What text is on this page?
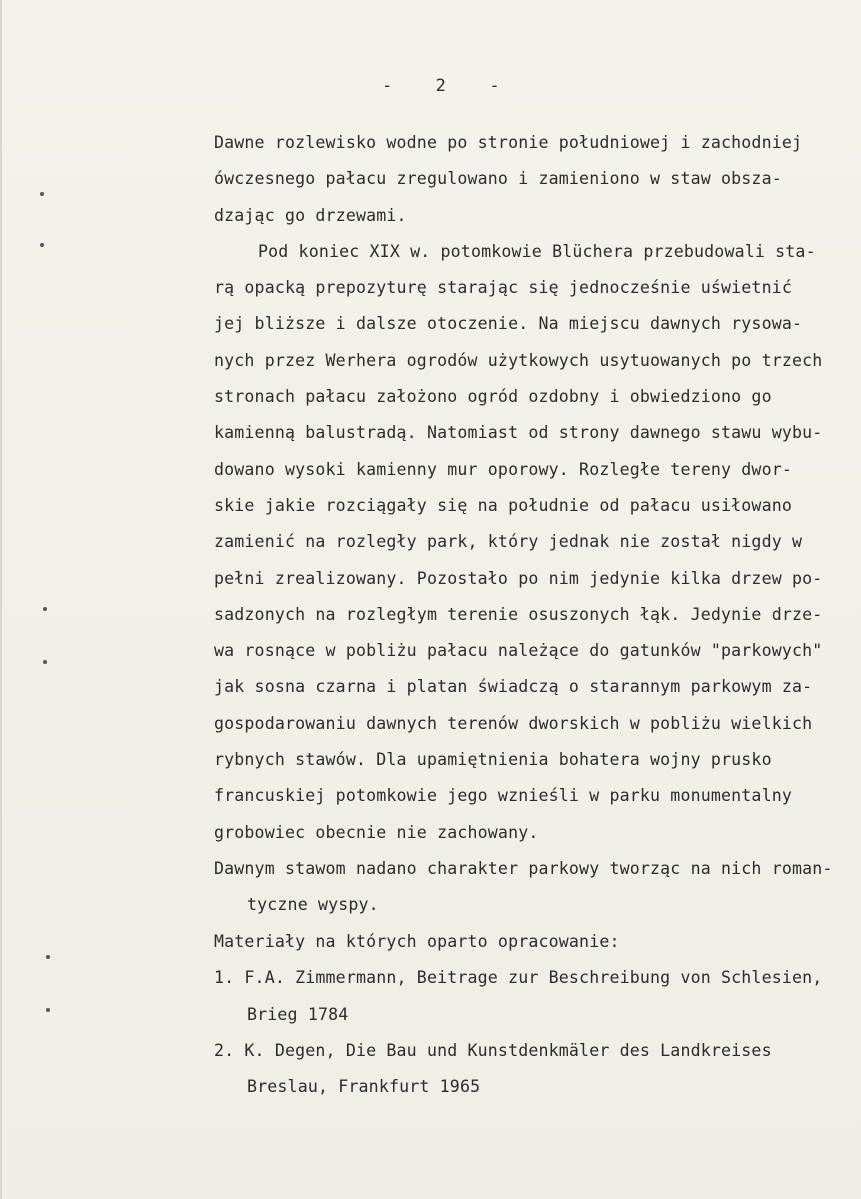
-    2    -
Dawne rozlewisko wodne po stronie południowej i zachodniej
ówczesnego pałacu zregulowano i zamieniono w staw obsza-
dzając go drzewami.
Pod koniec XIX w. potomkowie Blüchera przebudowali sta-
rą opacką prepozyturę starając się jednocześnie uświetnić
jej bliższe i dalsze otoczenie. Na miejscu dawnych rysowa-
nych przez Werhera ogrodów użytkowych usytuowanych po trzech
stronach pałacu założono ogród ozdobny i obwiedziono go
kamienną balustradą. Natomiast od strony dawnego stawu wybu-
dowano wysoki kamienny mur oporowy. Rozległe tereny dwor-
skie jakie rozciągały się na południe od pałacu usiłowano
zamienić na rozległy park, który jednak nie został nigdy w
pełni zrealizowany. Pozostało po nim jedynie kilka drzew po-
sadzonych na rozległym terenie osuszonych łąk. Jedynie drze-
wa rosnące w pobliżu pałacu należące do gatunków "parkowych"
jak sosna czarna i platan świadczą o starannym parkowym za-
gospodarowaniu dawnych terenów dworskich w pobliżu wielkich
rybnych stawów. Dla upamiętnienia bohatera wojny prusko
francuskiej potomkowie jego wznieśli w parku monumentalny
grobowiec obecnie nie zachowany.
Dawnym stawom nadano charakter parkowy tworząc na nich roman-
tyczne wyspy.
Materiały na których oparto opracowanie:
1. F.A. Zimmermann, Beitrage zur Beschreibung von Schlesien,
Brieg 1784
2. K. Degen, Die Bau und Kunstdenkmäler des Landkreises
Breslau, Frankfurt 1965
